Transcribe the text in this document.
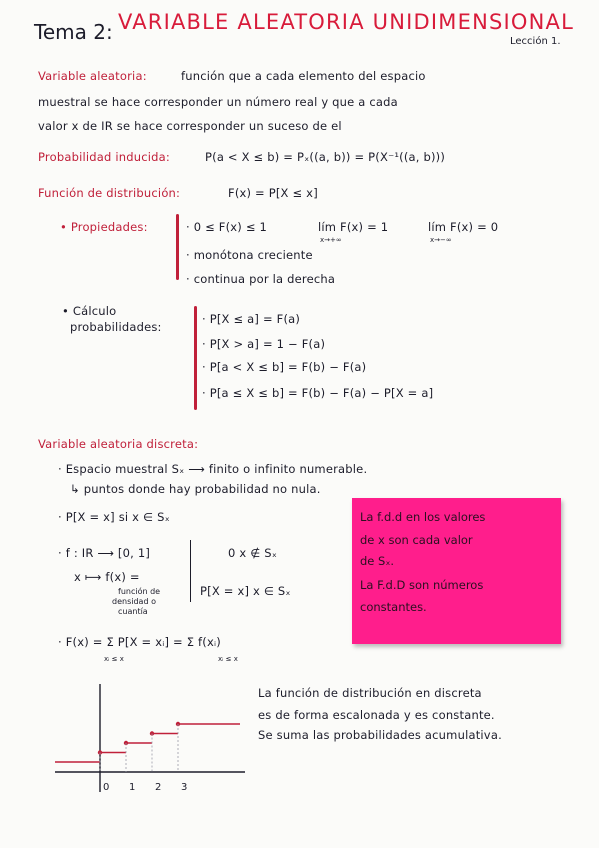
Tema 2: VARIABLE ALEATORIA UNIDIMENSIONAL
Lección 1.
Variable aleatoria:	función que a cada elemento del espacio
muestral se hace corresponder un número real y que a cada
valor x de IR se hace corresponder un suceso de el
Probabilidad inducida:	P(a < X ≤ b) = Pₓ((a, b)) = P(X⁻¹((a, b)))
Función de distribución:	F(x) = P[X ≤ x]
• Propiedades:	· 0 ≤ F(x) ≤ 1	lím F(x) = 1
x→+∞
lím F(x) = 0
x→−∞
· monótona creciente
· continua por la derecha
• Cálculo
probabilidades:
· P[X ≤ a] = F(a)
· P[X > a] = 1 − F(a)
· P[a < X ≤ b] = F(b) − F(a)
· P[a ≤ X ≤ b] = F(b) − F(a) − P[X = a]
Variable aleatoria discreta:
· Espacio muestral Sₓ ⟶ finito o infinito numerable.
↳ puntos donde hay probabilidad no nula.
· P[X = x] si x ∈ Sₓ
· f : IR ⟶ [0, 1]
x ⟼ f(x) =
función de
densidad o
cuantía
0 x ∉ Sₓ
P[X = x] x ∈ Sₓ
· F(x) = Σ P[X = xᵢ] = Σ f(xᵢ)
xᵢ ≤ x	xᵢ ≤ x
La f.d.d en los valores
de x son cada valor
de Sₓ.
La F.d.D son números
constantes.
0 1 2 3
La función de distribución en discreta
es de forma escalonada y es constante.
Se suma las probabilidades acumulativa.
